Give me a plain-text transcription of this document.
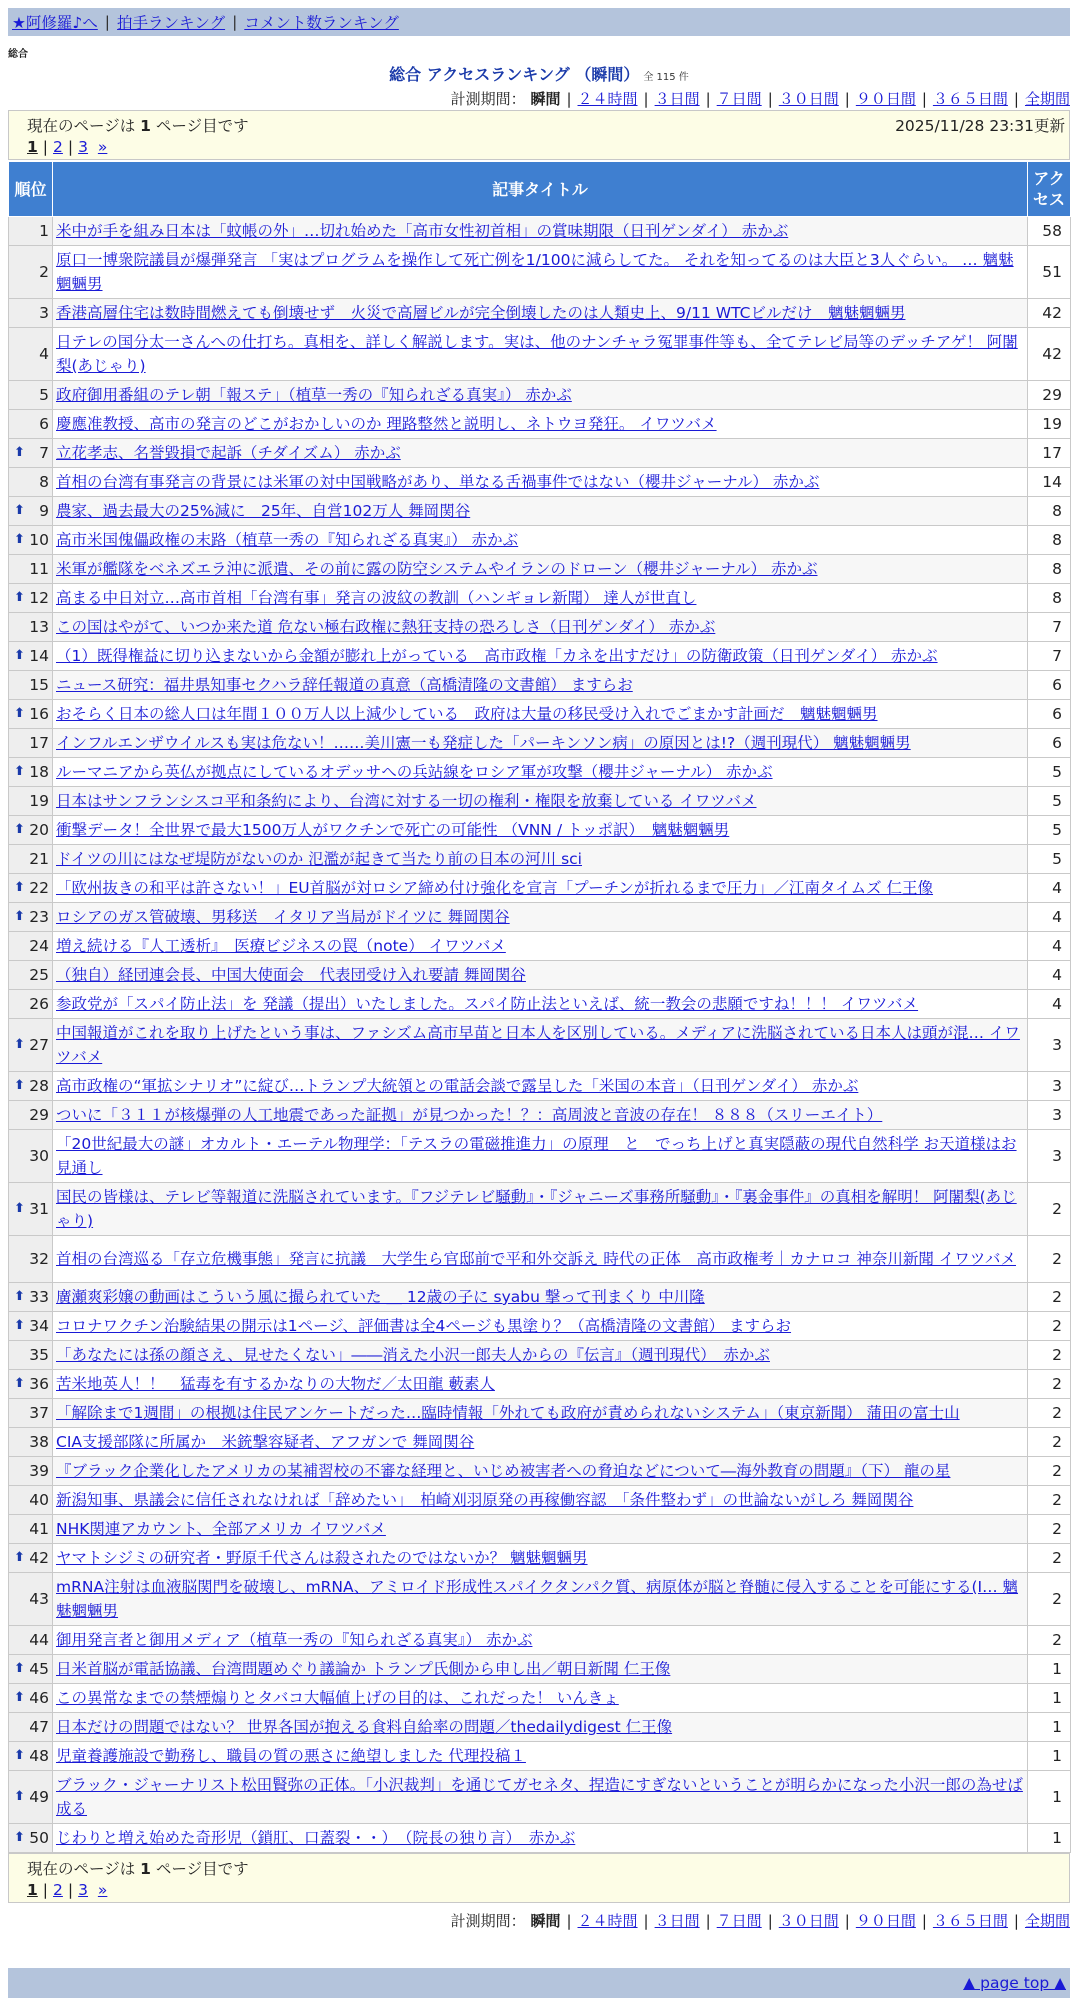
★阿修羅♪へ | 拍手ランキング | コメント数ランキング
総合
総合 アクセスランキング （瞬間） 全 115 件
計測期間： 瞬間 | ２４時間 | ３日間 | ７日間 | ３０日間 | ９０日間 | ３６５日間 | 全期間
現在のページは 1 ページ目です	2025/11/28 23:31更新
1 | 2 | 3 »
順位	記事タイトル	アクセス
1	米中が手を組み日本は「蚊帳の外」…切れ始めた「高市女性初首相」の賞味期限（日刊ゲンダイ） 赤かぶ	58
2	原口一博衆院議員が爆弾発言 「実はプログラムを操作して死亡例を1/100に減らしてた。 それを知ってるのは大臣と3人ぐらい。 … 魑魅魍魎男	51
3	香港高層住宅は数時間燃えても倒壊せず　火災で高層ビルが完全倒壊したのは人類史上、9/11 WTCビルだけ　魑魅魍魎男	42
4	日テレの国分太一さんへの仕打ち。真相を、詳しく解説します。実は、他のナンチャラ冤罪事件等も、全てテレビ局等のデッチアゲ！ 阿闍梨(あじゃり)	42
5	政府御用番組のテレ朝「報ステ」（植草一秀の『知られざる真実』） 赤かぶ	29
6	慶應准教授、高市の発言のどこがおかしいのか 理路整然と説明し、ネトウヨ発狂。 イワツバメ	19

⬆ 7	立花孝志、名誉毀損で起訴（チダイズム） 赤かぶ	17
8	首相の台湾有事発言の背景には米軍の対中国戦略があり、単なる舌禍事件ではない（櫻井ジャーナル） 赤かぶ	14

⬆ 9	農家、過去最大の25%減に　25年、自営102万人 舞岡関谷	8

⬆ 10	高市米国傀儡政権の末路（植草一秀の『知られざる真実』） 赤かぶ	8
11	米軍が艦隊をベネズエラ沖に派遣、その前に露の防空システムやイランのドローン（櫻井ジャーナル） 赤かぶ	8

⬆ 12	高まる中日対立…高市首相「台湾有事」発言の波紋の教訓（ハンギョレ新聞） 達人が世直し	8
13	この国はやがて、いつか来た道 危ない極右政権に熱狂支持の恐ろしさ（日刊ゲンダイ） 赤かぶ	7

⬆ 14	（1）既得権益に切り込まないから金額が膨れ上がっている　高市政権「カネを出すだけ」の防衛政策（日刊ゲンダイ） 赤かぶ	7
15	ニュース研究：福井県知事セクハラ辞任報道の真意（高橋清隆の文書館） ますらお	6

⬆ 16	おそらく日本の総人口は年間１００万人以上減少している　政府は大量の移民受け入れでごまかす計画だ　魑魅魍魎男	6
17	インフルエンザウイルスも実は危ない！……美川憲一も発症した「パーキンソン病」の原因とは!?（週刊現代） 魑魅魍魎男	6

⬆ 18	ルーマニアから英仏が拠点にしているオデッサへの兵站線をロシア軍が攻撃（櫻井ジャーナル） 赤かぶ	5
19	日本はサンフランシスコ平和条約により、台湾に対する一切の権利・権限を放棄している イワツバメ	5

⬆ 20	衝撃データ！全世界で最大1500万人がワクチンで死亡の可能性 （VNN / トッポ訳）　魑魅魍魎男	5
21	ドイツの川にはなぜ堤防がないのか 氾濫が起きて当たり前の日本の河川 sci	5

⬆ 22	「欧州抜きの和平は許さない！」EU首脳が対ロシア締め付け強化を宣言「プーチンが折れるまで圧力」／江南タイムズ 仁王像	4

⬆ 23	ロシアのガス管破壊、男移送　イタリア当局がドイツに 舞岡関谷	4
24	増え続ける『人工透析』　医療ビジネスの罠（note） イワツバメ	4
25	（独自）経団連会長、中国大使面会　代表団受け入れ要請 舞岡関谷	4
26	参政党が「スパイ防止法」を 発議（提出）いたしました。スパイ防止法といえば、統一教会の悲願ですね！！！ イワツバメ	4

⬆ 27	中国報道がこれを取り上げたという事は、ファシズム高市早苗と日本人を区別している。メディアに洗脳されている日本人は頭が混… イワツバメ	3

⬆ 28	高市政権の“軍拡シナリオ”に綻び…トランプ大統領との電話会談で露呈した「米国の本音」（日刊ゲンダイ） 赤かぶ	3
29	ついに「３１１が核爆弾の人工地震であった証拠」が見つかった！？：高周波と音波の存在！ ８８８（スリーエイト）	3
30	「20世紀最大の謎」オカルト・エーテル物理学：「テスラの電磁推進力」の原理　と　でっち上げと真実隠蔽の現代自然科学 お天道様はお見通し	3

⬆ 31	国民の皆様は、テレビ等報道に洗脳されています。『フジテレビ騒動』・『ジャニーズ事務所騒動』・『裏金事件』の真相を解明！ 阿闍梨(あじゃり)	2
32	首相の台湾巡る「存立危機事態」発言に抗議　大学生ら官邸前で平和外交訴え 時代の正体　高市政権考｜カナロコ 神奈川新聞 イワツバメ	2

⬆ 33	廣瀬爽彩嬢の動画はこういう風に撮られていた ＿ 12歳の子に syabu 撃って刊まくり 中川隆	2

⬆ 34	コロナワクチン治験結果の開示は1ページ、評価書は全4ページも黒塗り？（高橋清隆の文書館） ますらお	2
35	「あなたには孫の顔さえ、見せたくない」――消えた小沢一郎夫人からの『伝言』（週刊現代）　赤かぶ	2

⬆ 36	苦米地英人！！　猛毒を有するかなりの大物だ／太田龍 藪素人	2
37	「解除まで1週間」の根拠は住民アンケートだった…臨時情報「外れても政府が責められないシステム」（東京新聞） 蒲田の富士山	2
38	CIA支援部隊に所属か　米銃撃容疑者、アフガンで 舞岡関谷	2
39	『ブラック企業化したアメリカの某補習校の不審な経理と、いじめ被害者への脅迫などについて―海外教育の問題』（下） 龍の星	2
40	新潟知事、県議会に信任されなければ「辞めたい」　柏崎刈羽原発の再稼働容認　「条件整わず」の世論ないがしろ 舞岡関谷	2
41	NHK関連アカウント、全部アメリカ イワツバメ	2

⬆ 42	ヤマトシジミの研究者・野原千代さんは殺されたのではないか？ 魑魅魍魎男	2
43	mRNA注射は血液脳関門を破壊し、mRNA、アミロイド形成性スパイクタンパク質、病原体が脳と脊髄に侵入することを可能にする(I… 魑魅魍魎男	2
44	御用発言者と御用メディア（植草一秀の『知られざる真実』） 赤かぶ	2

⬆ 45	日米首脳が電話協議、台湾問題めぐり議論か トランプ氏側から申し出／朝日新聞 仁王像	1

⬆ 46	この異常なまでの禁煙煽りとタバコ大幅値上げの目的は、これだった！ いんきょ	1
47	日本だけの問題ではない？ 世界各国が抱える食料自給率の問題／thedailydigest 仁王像	1

⬆ 48	児童養護施設で勤務し、職員の質の悪さに絶望しました 代理投稿１	1

⬆ 49	ブラック・ジャーナリスト松田賢弥の正体。「小沢裁判」を通じてガセネタ、捏造にすぎないということが明らかになった小沢一郎の為せば成る	1

⬆ 50	じわりと増え始めた奇形児（鎖肛、口蓋裂・・）　（院長の独り言）　赤かぶ	1
現在のページは 1 ページ目です
1 | 2 | 3 »
計測期間： 瞬間 | ２４時間 | ３日間 | ７日間 | ３０日間 | ９０日間 | ３６５日間 | 全期間
▲ page top ▲
